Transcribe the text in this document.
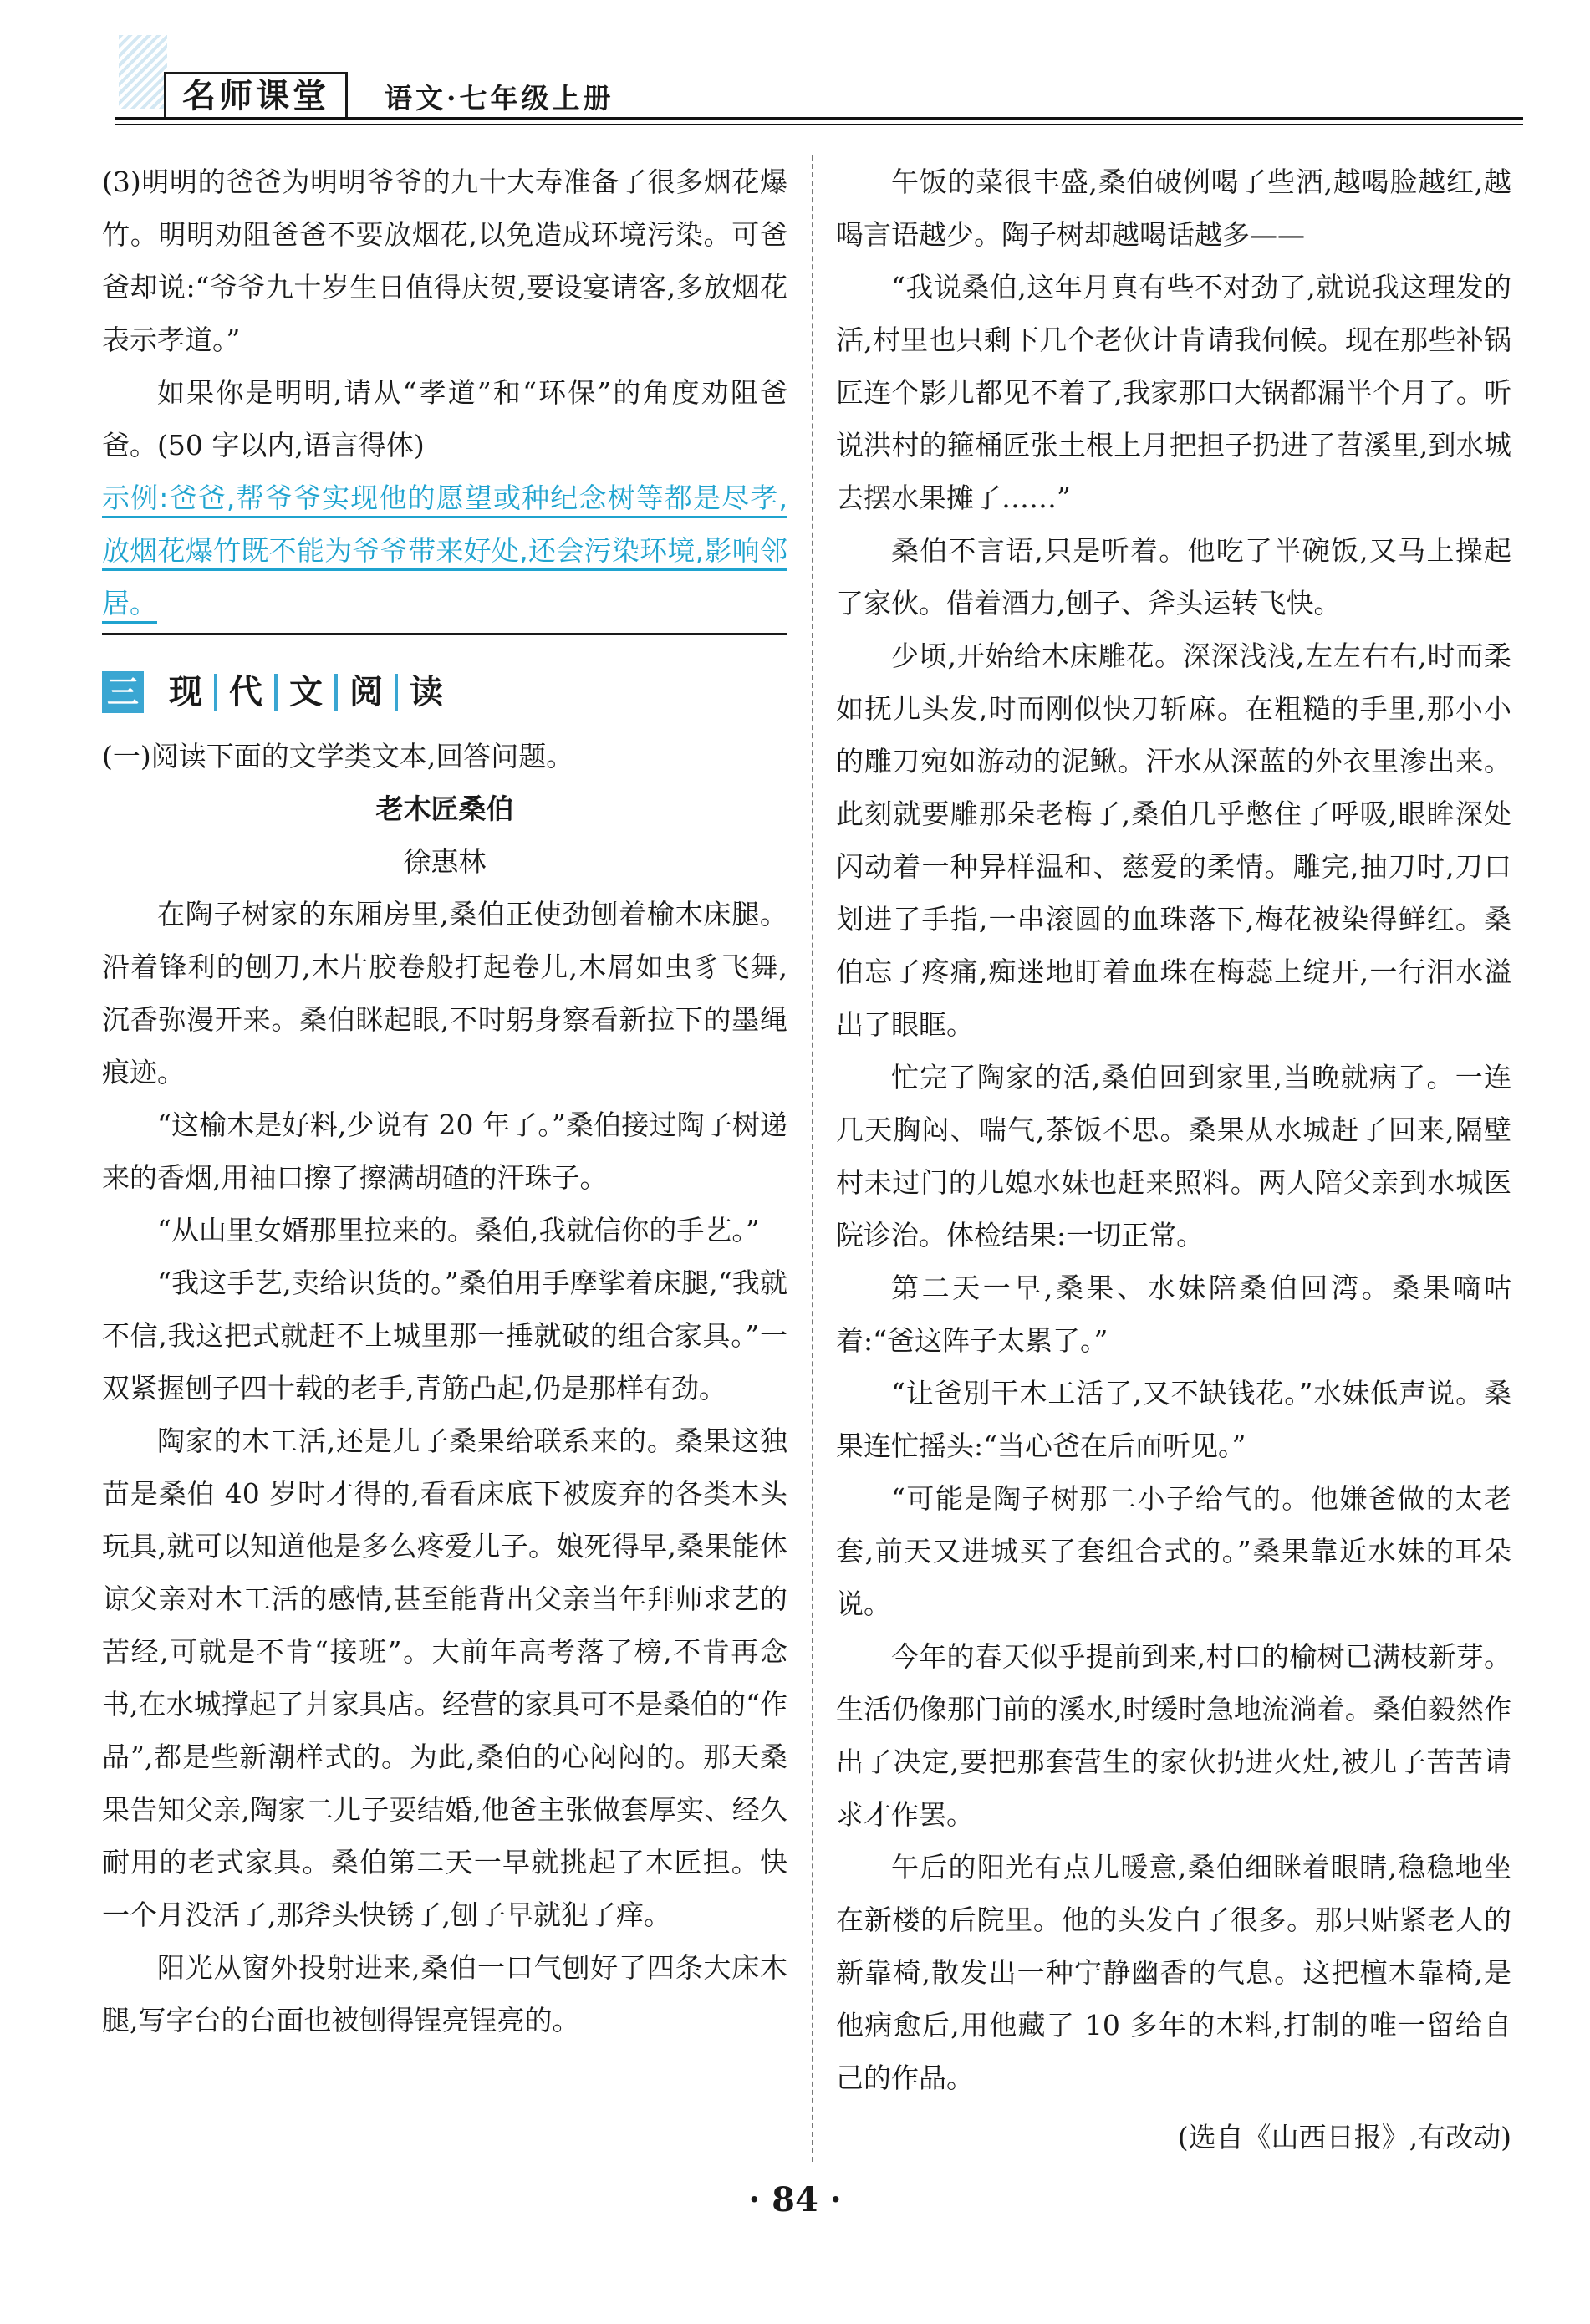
名师课堂	语文·七年级上册

(3)明明的爸爸为明明爷爷的九十大寿准备了很多烟花爆竹。明明劝阻爸爸不要放烟花,以免造成环境污染。可爸爸却说:“爷爷九十岁生日值得庆贺,要设宴请客,多放烟花表示孝道。”

如果你是明明,请从“孝道”和“环保”的角度劝阻爸爸。(50 字以内,语言得体)

示例:爸爸,帮爷爷实现他的愿望或种纪念树等都是尽孝,放烟花爆竹既不能为爷爷带来好处,还会污染环境,影响邻居。

三 现 代 文 阅 读

(一)阅读下面的文学类文本,回答问题。

老木匠桑伯

徐惠林

在陶子树家的东厢房里,桑伯正使劲刨着榆木床腿。沿着锋利的刨刀,木片胶卷般打起卷儿,木屑如虫豸飞舞,沉香弥漫开来。桑伯眯起眼,不时躬身察看新拉下的墨绳痕迹。

“这榆木是好料,少说有 20 年了。”桑伯接过陶子树递来的香烟,用袖口擦了擦满胡碴的汗珠子。

“从山里女婿那里拉来的。桑伯,我就信你的手艺。”

“我这手艺,卖给识货的。”桑伯用手摩挲着床腿,“我就不信,我这把式就赶不上城里那一捶就破的组合家具。”一双紧握刨子四十载的老手,青筋凸起,仍是那样有劲。

陶家的木工活,还是儿子桑果给联系来的。桑果这独苗是桑伯 40 岁时才得的,看看床底下被废弃的各类木头玩具,就可以知道他是多么疼爱儿子。娘死得早,桑果能体谅父亲对木工活的感情,甚至能背出父亲当年拜师求艺的苦经,可就是不肯“接班”。大前年高考落了榜,不肯再念书,在水城撑起了爿家具店。经营的家具可不是桑伯的“作品”,都是些新潮样式的。为此,桑伯的心闷闷的。那天桑果告知父亲,陶家二儿子要结婚,他爸主张做套厚实、经久耐用的老式家具。桑伯第二天一早就挑起了木匠担。快一个月没活了,那斧头快锈了,刨子早就犯了痒。

阳光从窗外投射进来,桑伯一口气刨好了四条大床木腿,写字台的台面也被刨得锃亮锃亮的。

午饭的菜很丰盛,桑伯破例喝了些酒,越喝脸越红,越喝言语越少。陶子树却越喝话越多——

“我说桑伯,这年月真有些不对劲了,就说我这理发的活,村里也只剩下几个老伙计肯请我伺候。现在那些补锅匠连个影儿都见不着了,我家那口大锅都漏半个月了。听说洪村的箍桶匠张土根上月把担子扔进了苕溪里,到水城去摆水果摊了……”

桑伯不言语,只是听着。他吃了半碗饭,又马上操起了家伙。借着酒力,刨子、斧头运转飞快。

少顷,开始给木床雕花。深深浅浅,左左右右,时而柔如抚儿头发,时而刚似快刀斩麻。在粗糙的手里,那小小的雕刀宛如游动的泥鳅。汗水从深蓝的外衣里渗出来。此刻就要雕那朵老梅了,桑伯几乎憋住了呼吸,眼眸深处闪动着一种异样温和、慈爱的柔情。雕完,抽刀时,刀口划进了手指,一串滚圆的血珠落下,梅花被染得鲜红。桑伯忘了疼痛,痴迷地盯着血珠在梅蕊上绽开,一行泪水溢出了眼眶。

忙完了陶家的活,桑伯回到家里,当晚就病了。一连几天胸闷、喘气,茶饭不思。桑果从水城赶了回来,隔壁村未过门的儿媳水妹也赶来照料。两人陪父亲到水城医院诊治。体检结果:一切正常。

第二天一早,桑果、水妹陪桑伯回湾。桑果嘀咕着:“爸这阵子太累了。”

“让爸別干木工活了,又不缺钱花。”水妹低声说。桑果连忙摇头:“当心爸在后面听见。”

“可能是陶子树那二小子给气的。他嫌爸做的太老套,前天又进城买了套组合式的。”桑果靠近水妹的耳朵说。

今年的春天似乎提前到来,村口的榆树已满枝新芽。生活仍像那门前的溪水,时缓时急地流淌着。桑伯毅然作出了决定,要把那套营生的家伙扔进火灶,被儿子苦苦请求才作罢。

午后的阳光有点儿暖意,桑伯细眯着眼睛,稳稳地坐在新楼的后院里。他的头发白了很多。那只贴紧老人的新靠椅,散发出一种宁静幽香的气息。这把檀木靠椅,是他病愈后,用他藏了 10 多年的木料,打制的唯一留给自己的作品。

(选自《山西日报》,有改动)

· 84 ·
